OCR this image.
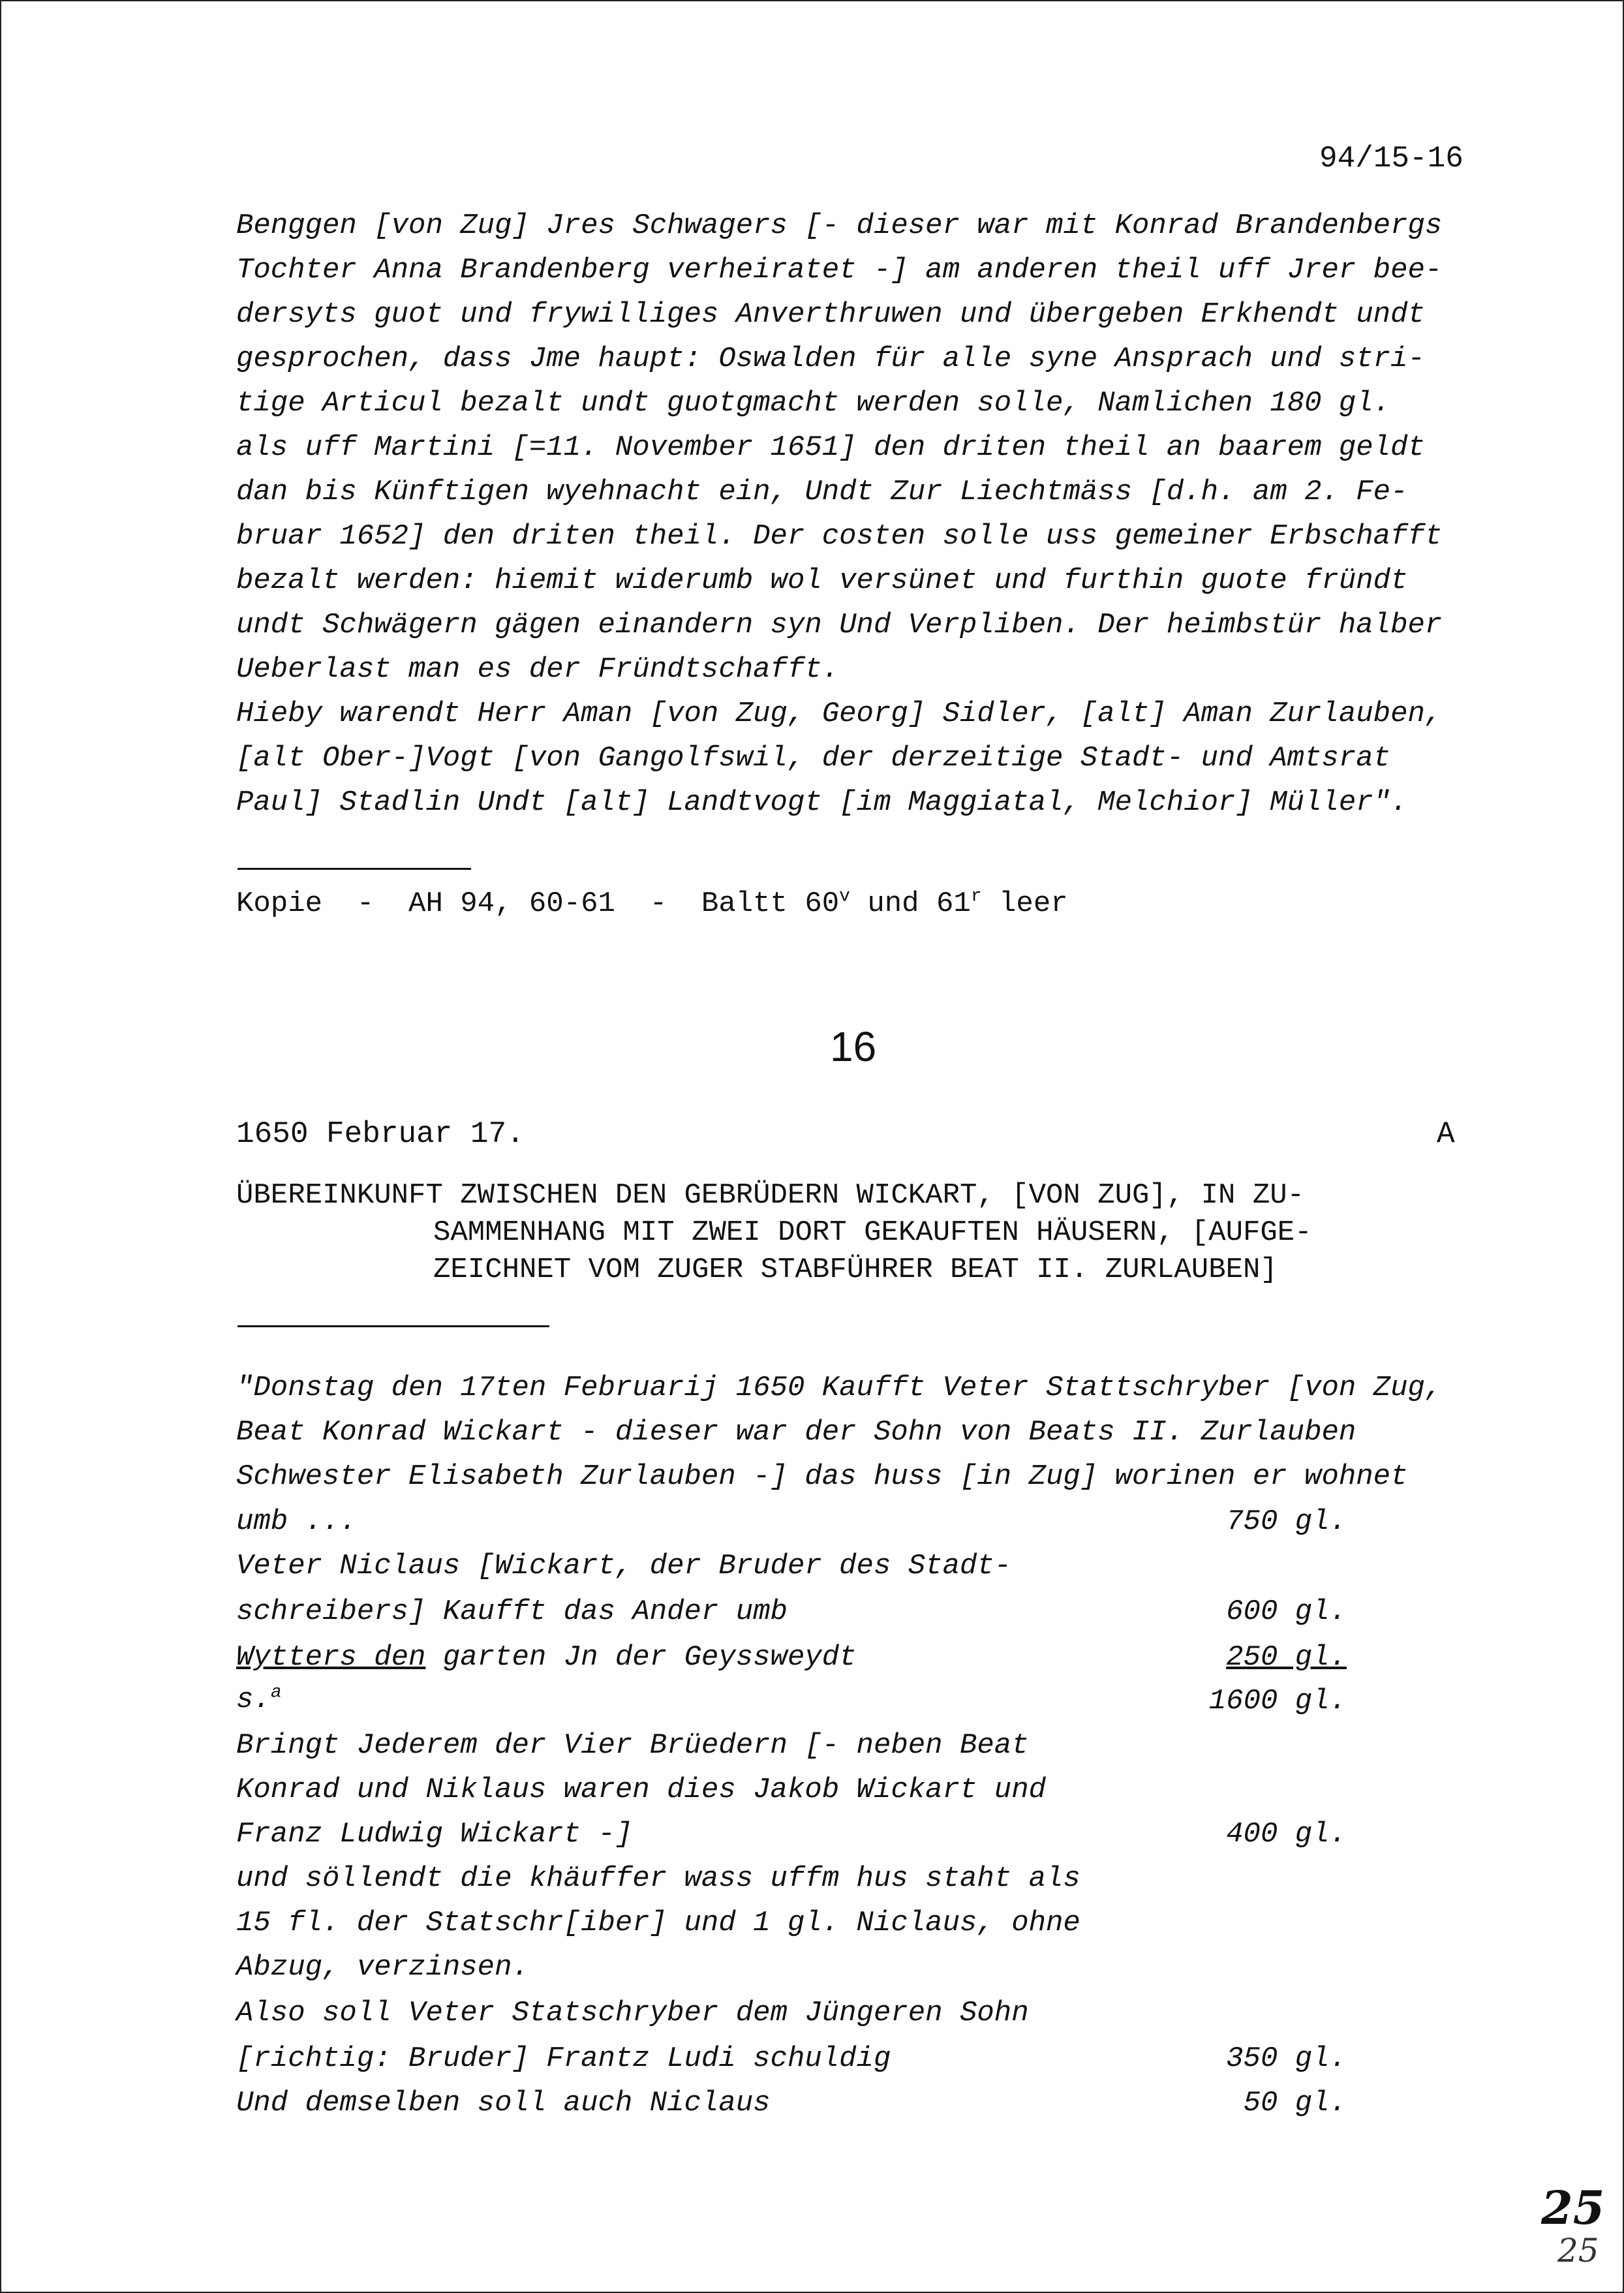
94/15-16
Benggen [von Zug] Jres Schwagers [- dieser war mit Konrad Brandenbergs
Tochter Anna Brandenberg verheiratet -] am anderen theil uff Jrer bee-
dersyts guot und frywilliges Anverthruwen und übergeben Erkhendt undt
gesprochen, dass Jme haupt: Oswalden für alle syne Ansprach und stri-
tige Articul bezalt undt guotgmacht werden solle, Namlichen 180 gl.
als uff Martini [=11. November 1651] den driten theil an baarem geldt
dan bis Künftigen wyehnacht ein, Undt Zur Liechtmäss [d.h. am 2. Fe-
bruar 1652] den driten theil. Der costen solle uss gemeiner Erbschafft
bezalt werden: hiemit widerumb wol versünet und furthin guote fründt
undt Schwägern gägen einandern syn Und Verpliben. Der heimbstür halber
Ueberlast man es der Fründtschafft.
Hieby warendt Herr Aman [von Zug, Georg] Sidler, [alt] Aman Zurlauben,
[alt Ober-]Vogt [von Gangolfswil, der derzeitige Stadt- und Amtsrat
Paul] Stadlin Undt [alt] Landtvogt [im Maggiatal, Melchior] Müller".
Kopie  -  AH 94, 60-61  -  Baltt 60$^v$ und 61$^r$ leer
16
1650 Februar 17.	A
ÜBEREINKUNFT ZWISCHEN DEN GEBRÜDERN WICKART, [VON ZUG], IN ZU-
SAMMENHANG MIT ZWEI DORT GEKAUFTEN HÄUSERN, [AUFGE-
ZEICHNET VOM ZUGER STABFÜHRER BEAT II. ZURLAUBEN]
"Donstag den 17ten Februarij 1650 Kaufft Veter Stattschryber [von Zug,
Beat Konrad Wickart - dieser war der Sohn von Beats II. Zurlauben
Schwester Elisabeth Zurlauben -] das huss [in Zug] worinen er wohnet
umb ...	750 gl.
Veter Niclaus [Wickart, der Bruder des Stadt-
schreibers] Kaufft das Ander umb	600 gl.
Wytters den garten Jn der Geyssweydt	250 gl.
s.$^a$	1600 gl.
Bringt Jederem der Vier Brüedern [- neben Beat
Konrad und Niklaus waren dies Jakob Wickart und
Franz Ludwig Wickart -]	400 gl.
und söllendt die khäuffer wass uffm hus staht als
15 fl. der Statschr[iber] und 1 gl. Niclaus, ohne
Abzug, verzinsen.
Also soll Veter Statschryber dem Jüngeren Sohn
[richtig: Bruder] Frantz Ludi schuldig	350 gl.
Und demselben soll auch Niclaus	50 gl.
25
25
